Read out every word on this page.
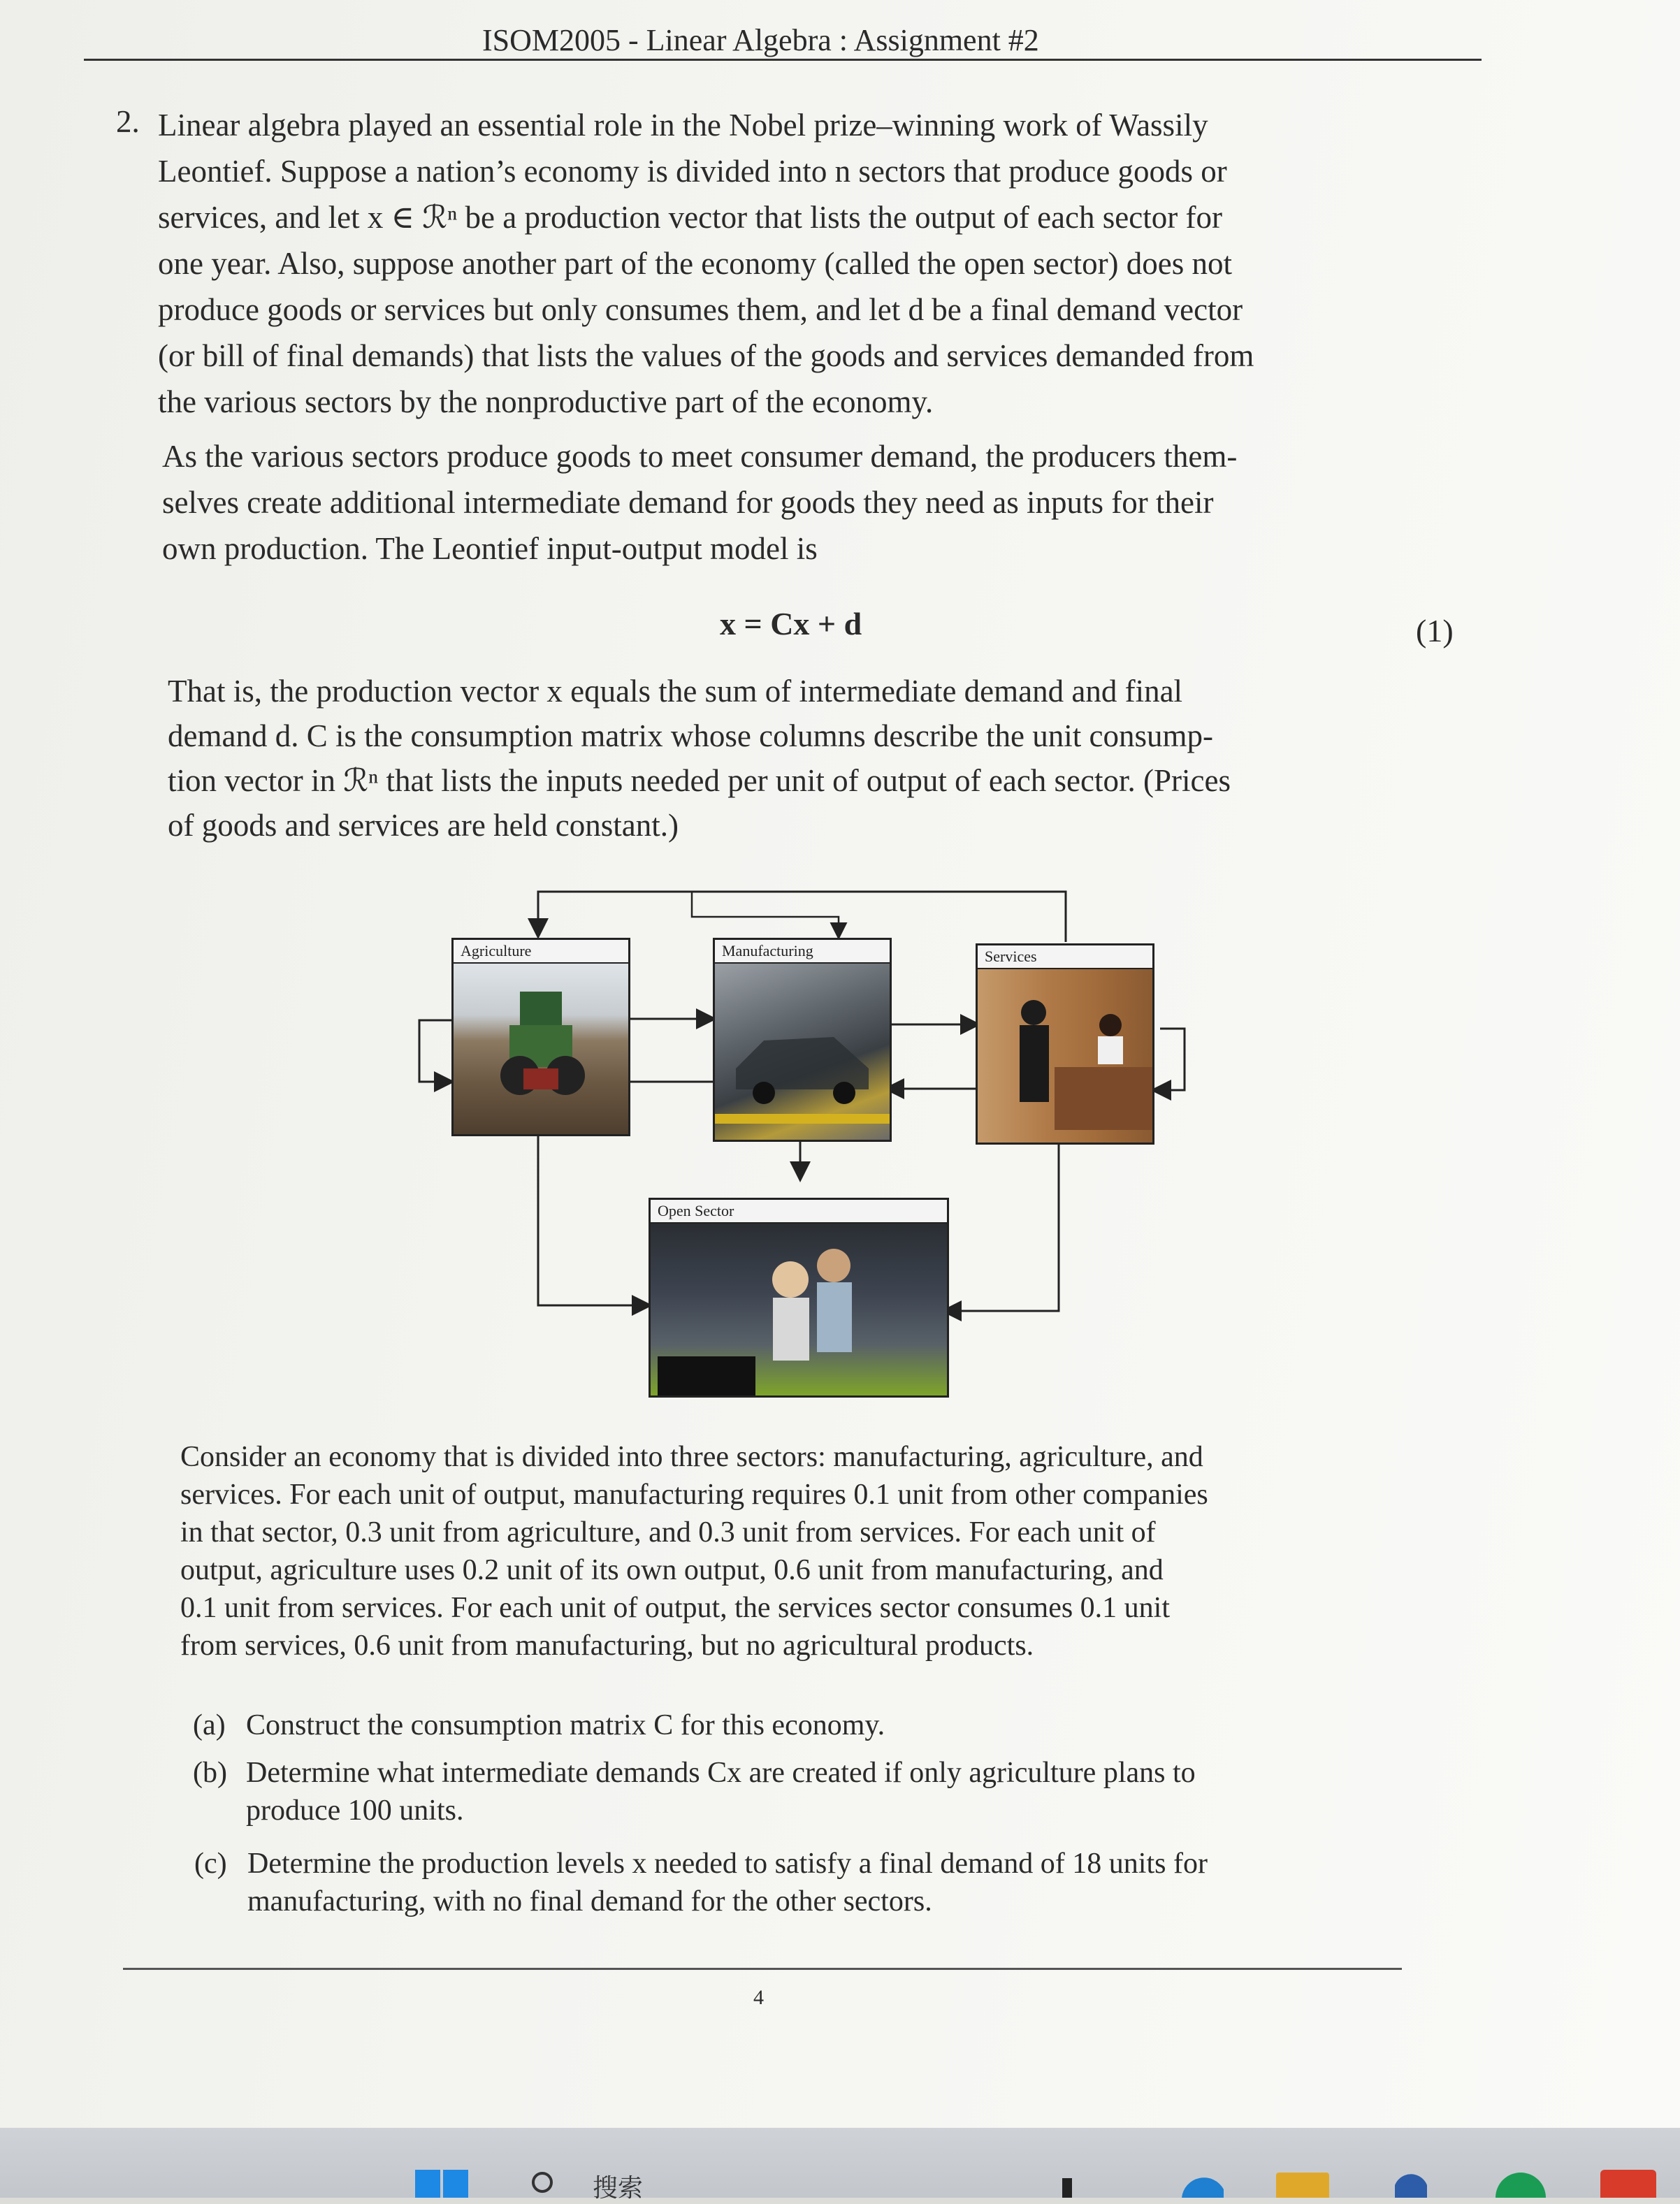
ISOM2005 - Linear Algebra : Assignment #2
2. Linear algebra played an essential role in the Nobel prize–winning work of Wassily
Leontief. Suppose a nation’s economy is divided into n sectors that produce goods or
services, and let x ∈ ℛⁿ be a production vector that lists the output of each sector for
one year. Also, suppose another part of the economy (called the open sector) does not
produce goods or services but only consumes them, and let d be a final demand vector
(or bill of final demands) that lists the values of the goods and services demanded from
the various sectors by the nonproductive part of the economy.
As the various sectors produce goods to meet consumer demand, the producers them-
selves create additional intermediate demand for goods they need as inputs for their
own production. The Leontief input-output model is
x = Cx + d	(1)
That is, the production vector x equals the sum of intermediate demand and final
demand d. C is the consumption matrix whose columns describe the unit consump-
tion vector in ℛⁿ that lists the inputs needed per unit of output of each sector. (Prices
of goods and services are held constant.)
Agriculture	Manufacturing	Services
Open Sector
Consider an economy that is divided into three sectors: manufacturing, agriculture, and
services. For each unit of output, manufacturing requires 0.1 unit from other companies
in that sector, 0.3 unit from agriculture, and 0.3 unit from services. For each unit of
output, agriculture uses 0.2 unit of its own output, 0.6 unit from manufacturing, and
0.1 unit from services. For each unit of output, the services sector consumes 0.1 unit
from services, 0.6 unit from manufacturing, but no agricultural products.
(a) Construct the consumption matrix C for this economy.
(b) Determine what intermediate demands Cx are created if only agriculture plans to
produce 100 units.
(c) Determine the production levels x needed to satisfy a final demand of 18 units for
manufacturing, with no final demand for the other sectors.
4
搜索
